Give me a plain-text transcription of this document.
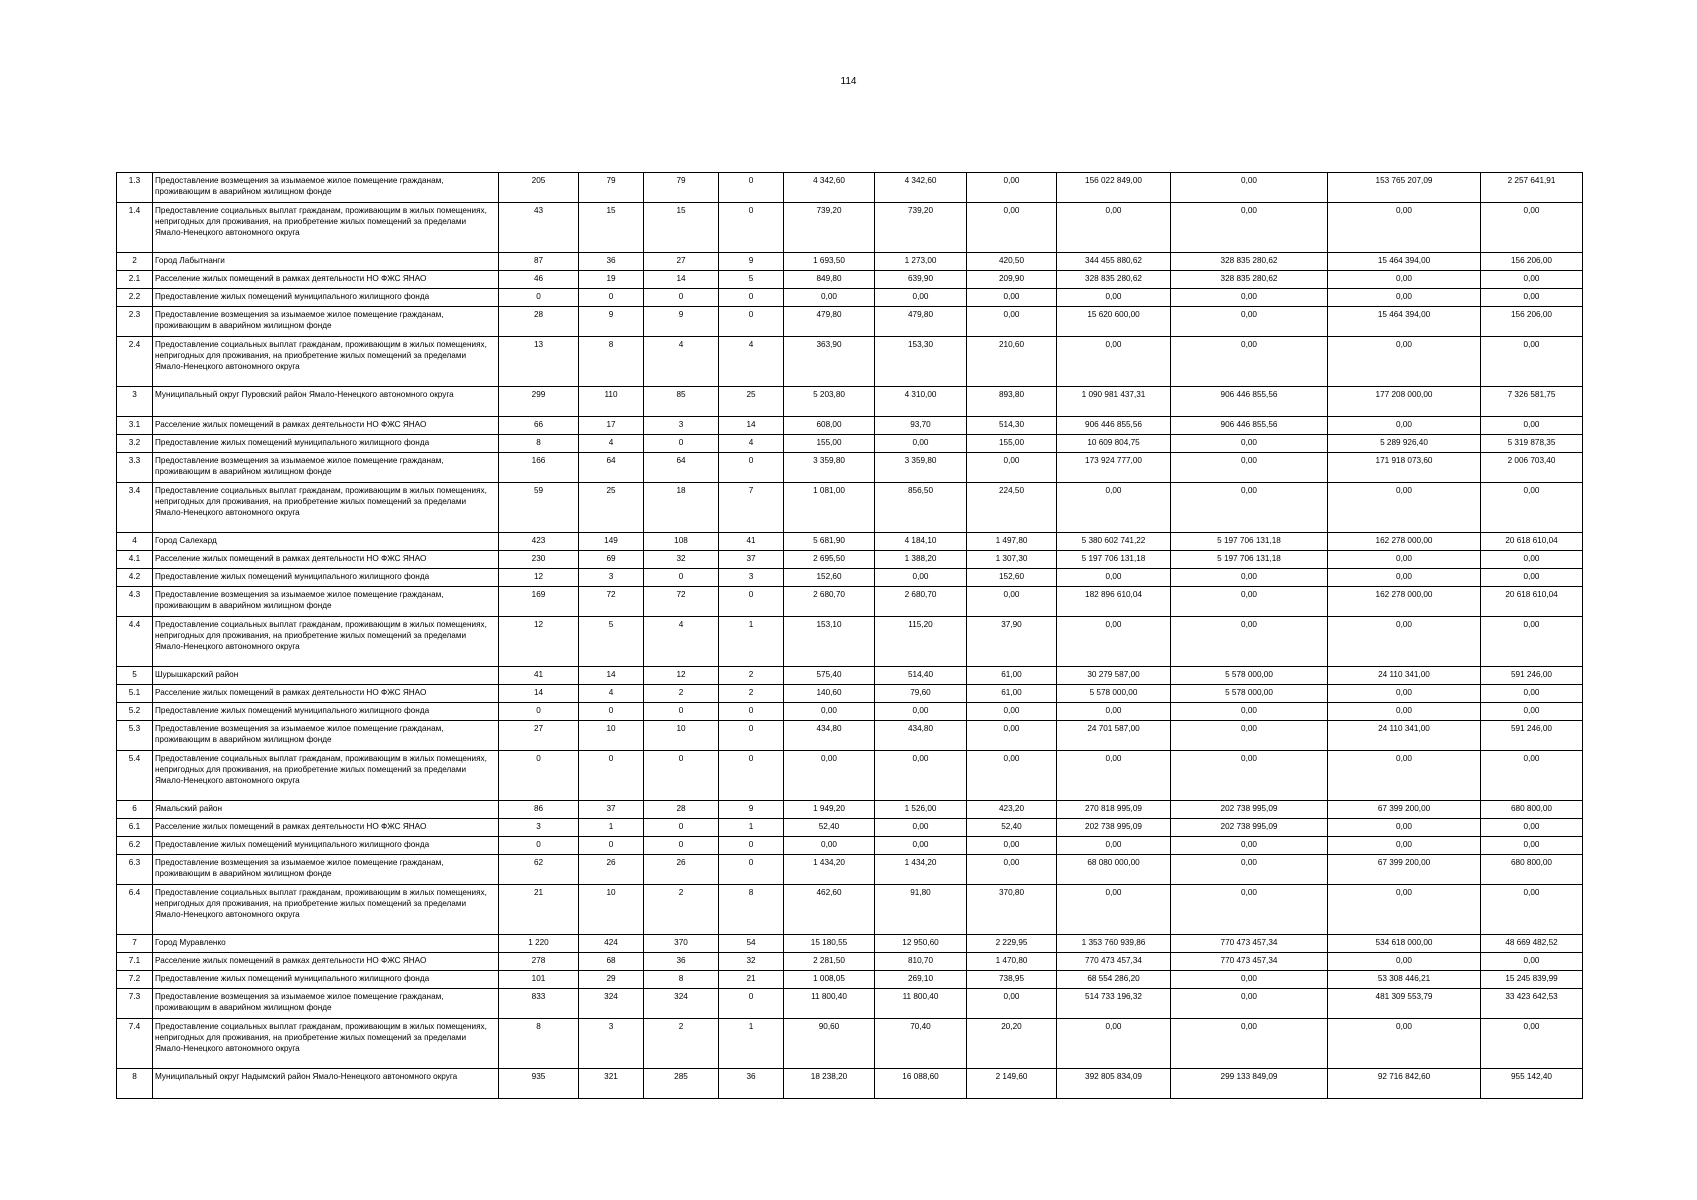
114
1.3	Предоставление возмещения за изымаемое жилое помещение гражданам, проживающим в аварийном жилищном фонде	205	79	79	0	4 342,60	4 342,60	0,00	156 022 849,00	0,00	153 765 207,09	2 257 641,91
1.4	Предоставление социальных выплат гражданам, проживающим в жилых помещениях, непригодных для проживания, на приобретение жилых помещений за пределами Ямало-Ненецкого автономного округа	43	15	15	0	739,20	739,20	0,00	0,00	0,00	0,00	0,00
2	Город Лабытнанги	87	36	27	9	1 693,50	1 273,00	420,50	344 455 880,62	328 835 280,62	15 464 394,00	156 206,00
2.1	Расселение жилых помещений в рамках деятельности НО ФЖС ЯНАО	46	19	14	5	849,80	639,90	209,90	328 835 280,62	328 835 280,62	0,00	0,00
2.2	Предоставление жилых помещений муниципального жилищного фонда	0	0	0	0	0,00	0,00	0,00	0,00	0,00	0,00	0,00
2.3	Предоставление возмещения за изымаемое жилое помещение гражданам, проживающим в аварийном жилищном фонде	28	9	9	0	479,80	479,80	0,00	15 620 600,00	0,00	15 464 394,00	156 206,00
2.4	Предоставление социальных выплат гражданам, проживающим в жилых помещениях, непригодных для проживания, на приобретение жилых помещений за пределами Ямало-Ненецкого автономного округа	13	8	4	4	363,90	153,30	210,60	0,00	0,00	0,00	0,00
3	Муниципальный округ Пуровский район Ямало-Ненецкого автономного округа	299	110	85	25	5 203,80	4 310,00	893,80	1 090 981 437,31	906 446 855,56	177 208 000,00	7 326 581,75
3.1	Расселение жилых помещений в рамках деятельности НО ФЖС ЯНАО	66	17	3	14	608,00	93,70	514,30	906 446 855,56	906 446 855,56	0,00	0,00
3.2	Предоставление жилых помещений муниципального жилищного фонда	8	4	0	4	155,00	0,00	155,00	10 609 804,75	0,00	5 289 926,40	5 319 878,35
3.3	Предоставление возмещения за изымаемое жилое помещение гражданам, проживающим в аварийном жилищном фонде	166	64	64	0	3 359,80	3 359,80	0,00	173 924 777,00	0,00	171 918 073,60	2 006 703,40
3.4	Предоставление социальных выплат гражданам, проживающим в жилых помещениях, непригодных для проживания, на приобретение жилых помещений за пределами Ямало-Ненецкого автономного округа	59	25	18	7	1 081,00	856,50	224,50	0,00	0,00	0,00	0,00
4	Город Салехард	423	149	108	41	5 681,90	4 184,10	1 497,80	5 380 602 741,22	5 197 706 131,18	162 278 000,00	20 618 610,04
4.1	Расселение жилых помещений в рамках деятельности НО ФЖС ЯНАО	230	69	32	37	2 695,50	1 388,20	1 307,30	5 197 706 131,18	5 197 706 131,18	0,00	0,00
4.2	Предоставление жилых помещений муниципального жилищного фонда	12	3	0	3	152,60	0,00	152,60	0,00	0,00	0,00	0,00
4.3	Предоставление возмещения за изымаемое жилое помещение гражданам, проживающим в аварийном жилищном фонде	169	72	72	0	2 680,70	2 680,70	0,00	182 896 610,04	0,00	162 278 000,00	20 618 610,04
4.4	Предоставление социальных выплат гражданам, проживающим в жилых помещениях, непригодных для проживания, на приобретение жилых помещений за пределами Ямало-Ненецкого автономного округа	12	5	4	1	153,10	115,20	37,90	0,00	0,00	0,00	0,00
5	Шурышкарский район	41	14	12	2	575,40	514,40	61,00	30 279 587,00	5 578 000,00	24 110 341,00	591 246,00
5.1	Расселение жилых помещений в рамках деятельности НО ФЖС ЯНАО	14	4	2	2	140,60	79,60	61,00	5 578 000,00	5 578 000,00	0,00	0,00
5.2	Предоставление жилых помещений муниципального жилищного фонда	0	0	0	0	0,00	0,00	0,00	0,00	0,00	0,00	0,00
5.3	Предоставление возмещения за изымаемое жилое помещение гражданам, проживающим в аварийном жилищном фонде	27	10	10	0	434,80	434,80	0,00	24 701 587,00	0,00	24 110 341,00	591 246,00
5.4	Предоставление социальных выплат гражданам, проживающим в жилых помещениях, непригодных для проживания, на приобретение жилых помещений за пределами Ямало-Ненецкого автономного округа	0	0	0	0	0,00	0,00	0,00	0,00	0,00	0,00	0,00
6	Ямальский район	86	37	28	9	1 949,20	1 526,00	423,20	270 818 995,09	202 738 995,09	67 399 200,00	680 800,00
6.1	Расселение жилых помещений в рамках деятельности НО ФЖС ЯНАО	3	1	0	1	52,40	0,00	52,40	202 738 995,09	202 738 995,09	0,00	0,00
6.2	Предоставление жилых помещений муниципального жилищного фонда	0	0	0	0	0,00	0,00	0,00	0,00	0,00	0,00	0,00
6.3	Предоставление возмещения за изымаемое жилое помещение гражданам, проживающим в аварийном жилищном фонде	62	26	26	0	1 434,20	1 434,20	0,00	68 080 000,00	0,00	67 399 200,00	680 800,00
6.4	Предоставление социальных выплат гражданам, проживающим в жилых помещениях, непригодных для проживания, на приобретение жилых помещений за пределами Ямало-Ненецкого автономного округа	21	10	2	8	462,60	91,80	370,80	0,00	0,00	0,00	0,00
7	Город Муравленко	1 220	424	370	54	15 180,55	12 950,60	2 229,95	1 353 760 939,86	770 473 457,34	534 618 000,00	48 669 482,52
7.1	Расселение жилых помещений в рамках деятельности НО ФЖС ЯНАО	278	68	36	32	2 281,50	810,70	1 470,80	770 473 457,34	770 473 457,34	0,00	0,00
7.2	Предоставление жилых помещений муниципального жилищного фонда	101	29	8	21	1 008,05	269,10	738,95	68 554 286,20	0,00	53 308 446,21	15 245 839,99
7.3	Предоставление возмещения за изымаемое жилое помещение гражданам, проживающим в аварийном жилищном фонде	833	324	324	0	11 800,40	11 800,40	0,00	514 733 196,32	0,00	481 309 553,79	33 423 642,53
7.4	Предоставление социальных выплат гражданам, проживающим в жилых помещениях, непригодных для проживания, на приобретение жилых помещений за пределами Ямало-Ненецкого автономного округа	8	3	2	1	90,60	70,40	20,20	0,00	0,00	0,00	0,00
8	Муниципальный округ Надымский район Ямало-Ненецкого автономного округа	935	321	285	36	18 238,20	16 088,60	2 149,60	392 805 834,09	299 133 849,09	92 716 842,60	955 142,40
